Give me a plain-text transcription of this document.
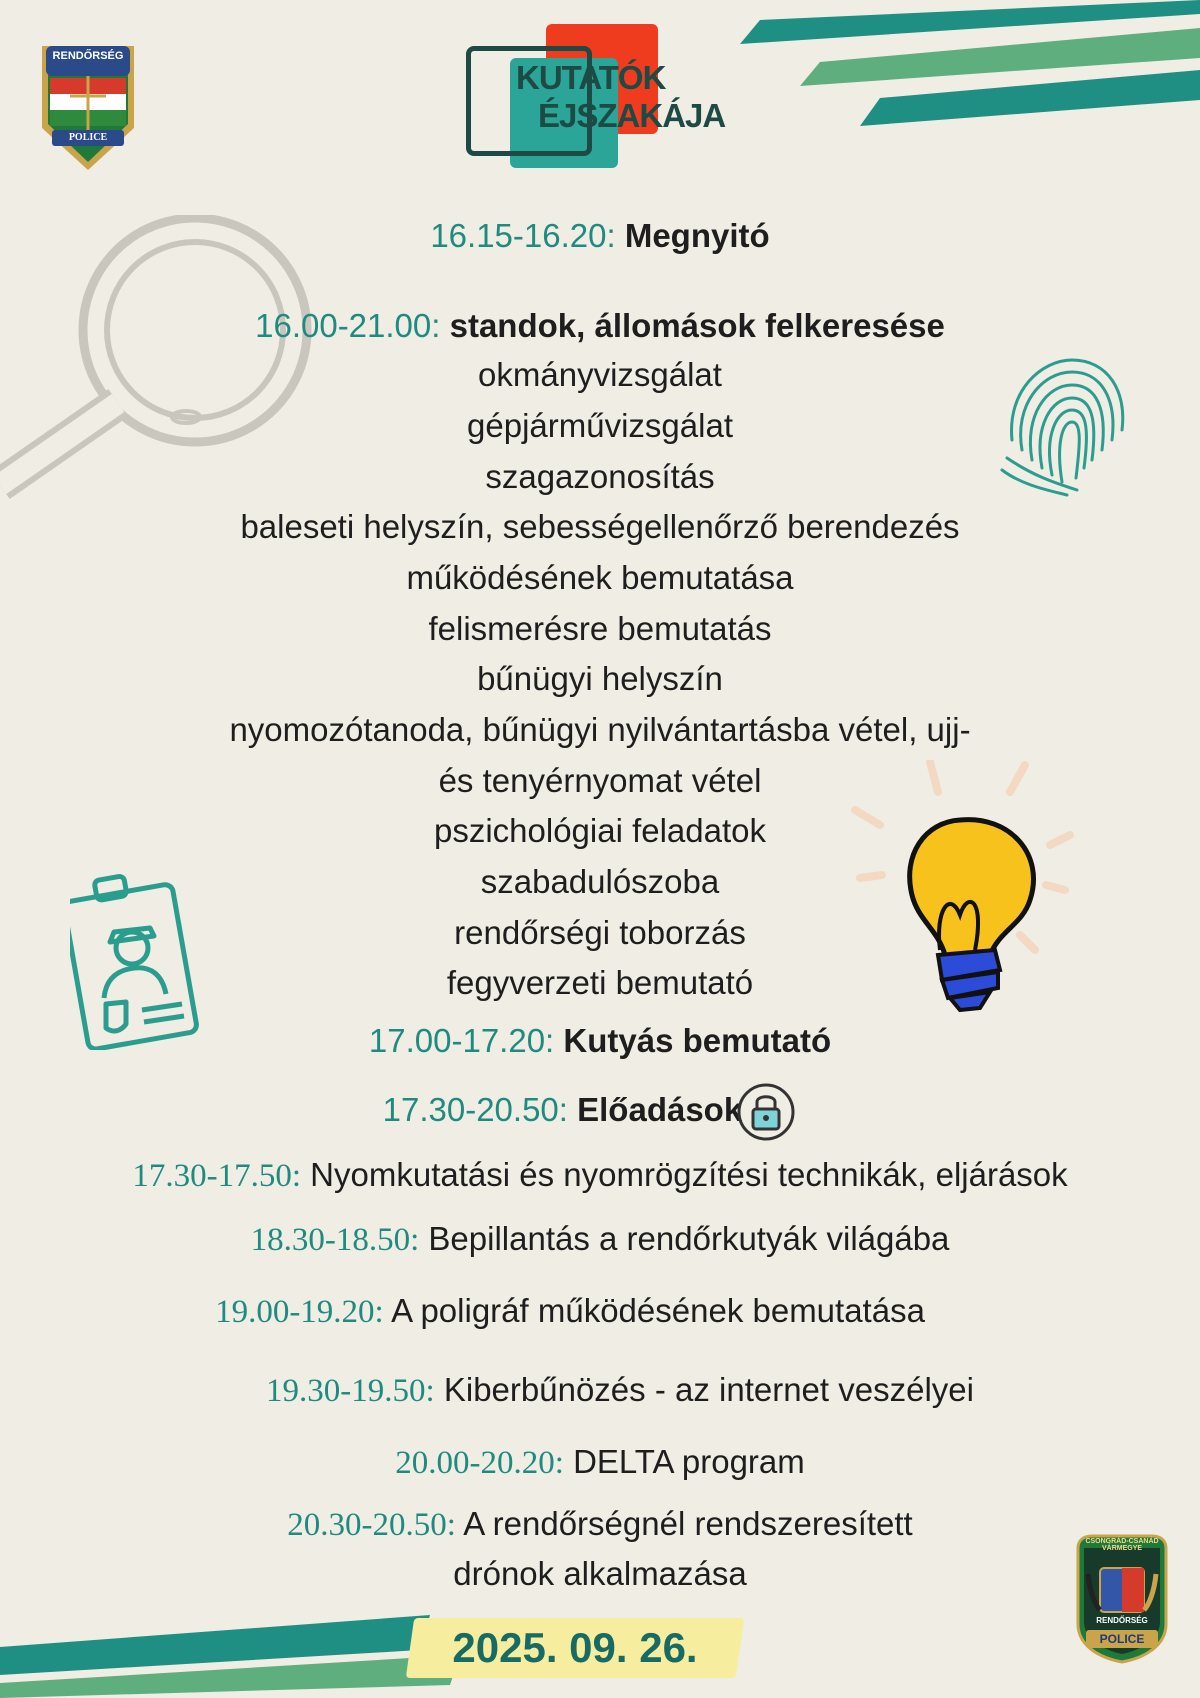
RENDŐRSÉG
POLICE
KUTATÓK
ÉJSZAKÁJA
16.15-16.20: Megnyitó
16.00-21.00: standok, állomások felkeresése
okmányvizsgálat
gépjárművizsgálat
szagazonosítás
baleseti helyszín, sebességellenőrző berendezés
működésének bemutatása
felismerésre bemutatás
bűnügyi helyszín
nyomozótanoda, bűnügyi nyilvántartásba vétel, ujj-
és tenyérnyomat vétel
pszichológiai feladatok
szabadulószoba
rendőrségi toborzás
fegyverzeti bemutató
17.00-17.20: Kutyás bemutató
17.30-20.50: Előadások
17.30-17.50: Nyomkutatási és nyomrögzítési technikák, eljárások
18.30-18.50: Bepillantás a rendőrkutyák világába
19.00-19.20: A poligráf működésének bemutatása
19.30-19.50: Kiberbűnözés - az internet veszélyei
20.00-20.20: DELTA program
20.30-20.50: A rendőrségnél rendszeresített
drónok alkalmazása
2025. 09. 26.
CSONGRÁD-CSANÁD VÁRMEGYE
RENDŐRSÉG
POLICE
